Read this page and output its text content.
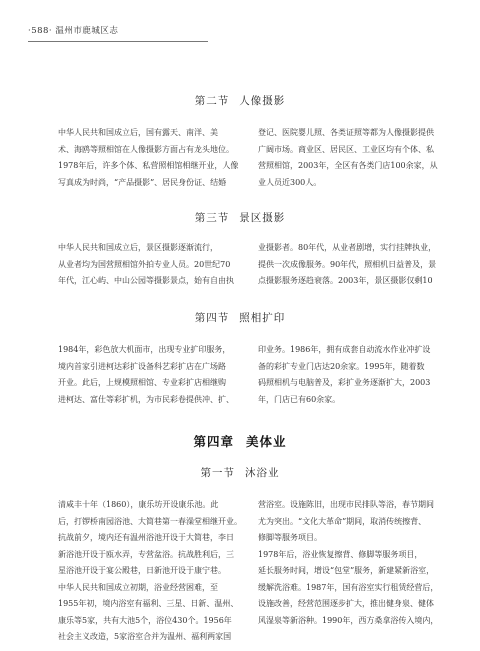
·588· 温州市鹿城区志
第二节 人像摄影
中华人民共和国成立后，国有露天、南洋、美
术、海鸥等照相馆在人像摄影方面占有龙头地位。
1978年后，许多个体、私营照相馆相继开业，人像
写真成为时尚，“产品摄影”、居民身份证、结婚
登记、医院婴儿照、各类证照等都为人像摄影提供
广阔市场。商业区、居民区、工业区均有个体、私
营照相馆，2003年，全区有各类门店100余家，从
业人员近300人。
第三节 景区摄影
中华人民共和国成立后，景区摄影逐渐流行，
从业者均为国营照相馆外拍专业人员。20世纪70
年代，江心屿、中山公园等摄影景点，始有自由执
业摄影者。80年代，从业者剧增，实行挂牌执业，
提供一次成像服务。90年代，照相机日益普及，景
点摄影服务逐趋衰落。2003年，景区摄影仅剩10
第四节 照相扩印
1984年，彩色放大机面市，出现专业扩印服务，
境内首家引进柯达彩扩设备科艺彩扩店在广场路
开业。此后，上规模照相馆、专业彩扩店相继购
进柯达、富仕等彩扩机，为市民彩卷提供冲、扩、
印业务。1986年，拥有成套自动流水作业冲扩设
备的彩扩专业门店达20余家。1995年，随着数
码照相机与电脑普及，彩扩业务逐渐扩大，2003
年，门店已有60余家。
第四章 美体业
第一节 沐浴业
清咸丰十年（1860），康乐坊开设康乐池。此
后，打锣桥南园浴池、大简巷第一春澡堂相继开业。
抗战前夕，境内还有温州浴池开设于大简巷，李日
新浴池开设于瓯水弄，专营盆浴。抗战胜利后，三
星浴池开设于宴公殿巷，日新池开设于康宁巷。
中华人民共和国成立初期，浴业经营困难，至
1955年初，境内浴室有福利、三星、日新、温州、
康乐等5家，共有大池5个，浴位430个。1956年
社会主义改造，5家浴室合并为温州、福利两家国
营浴室。设施陈旧，出现市民排队等浴，春节期间
尤为突出。“文化大革命”期间，取消传统擦背、
修脚等服务项目。
1978年后，浴业恢复擦背、修脚等服务项目，
延长服务时间，增设“包堂”服务，新建紧新浴室，
缓解洗浴难。1987年，国有浴室实行租赁经营后，
设施改善，经营范围逐步扩大，推出健身泉、健体
风湿泉等新浴种。1990年，西方桑拿浴传入境内，
